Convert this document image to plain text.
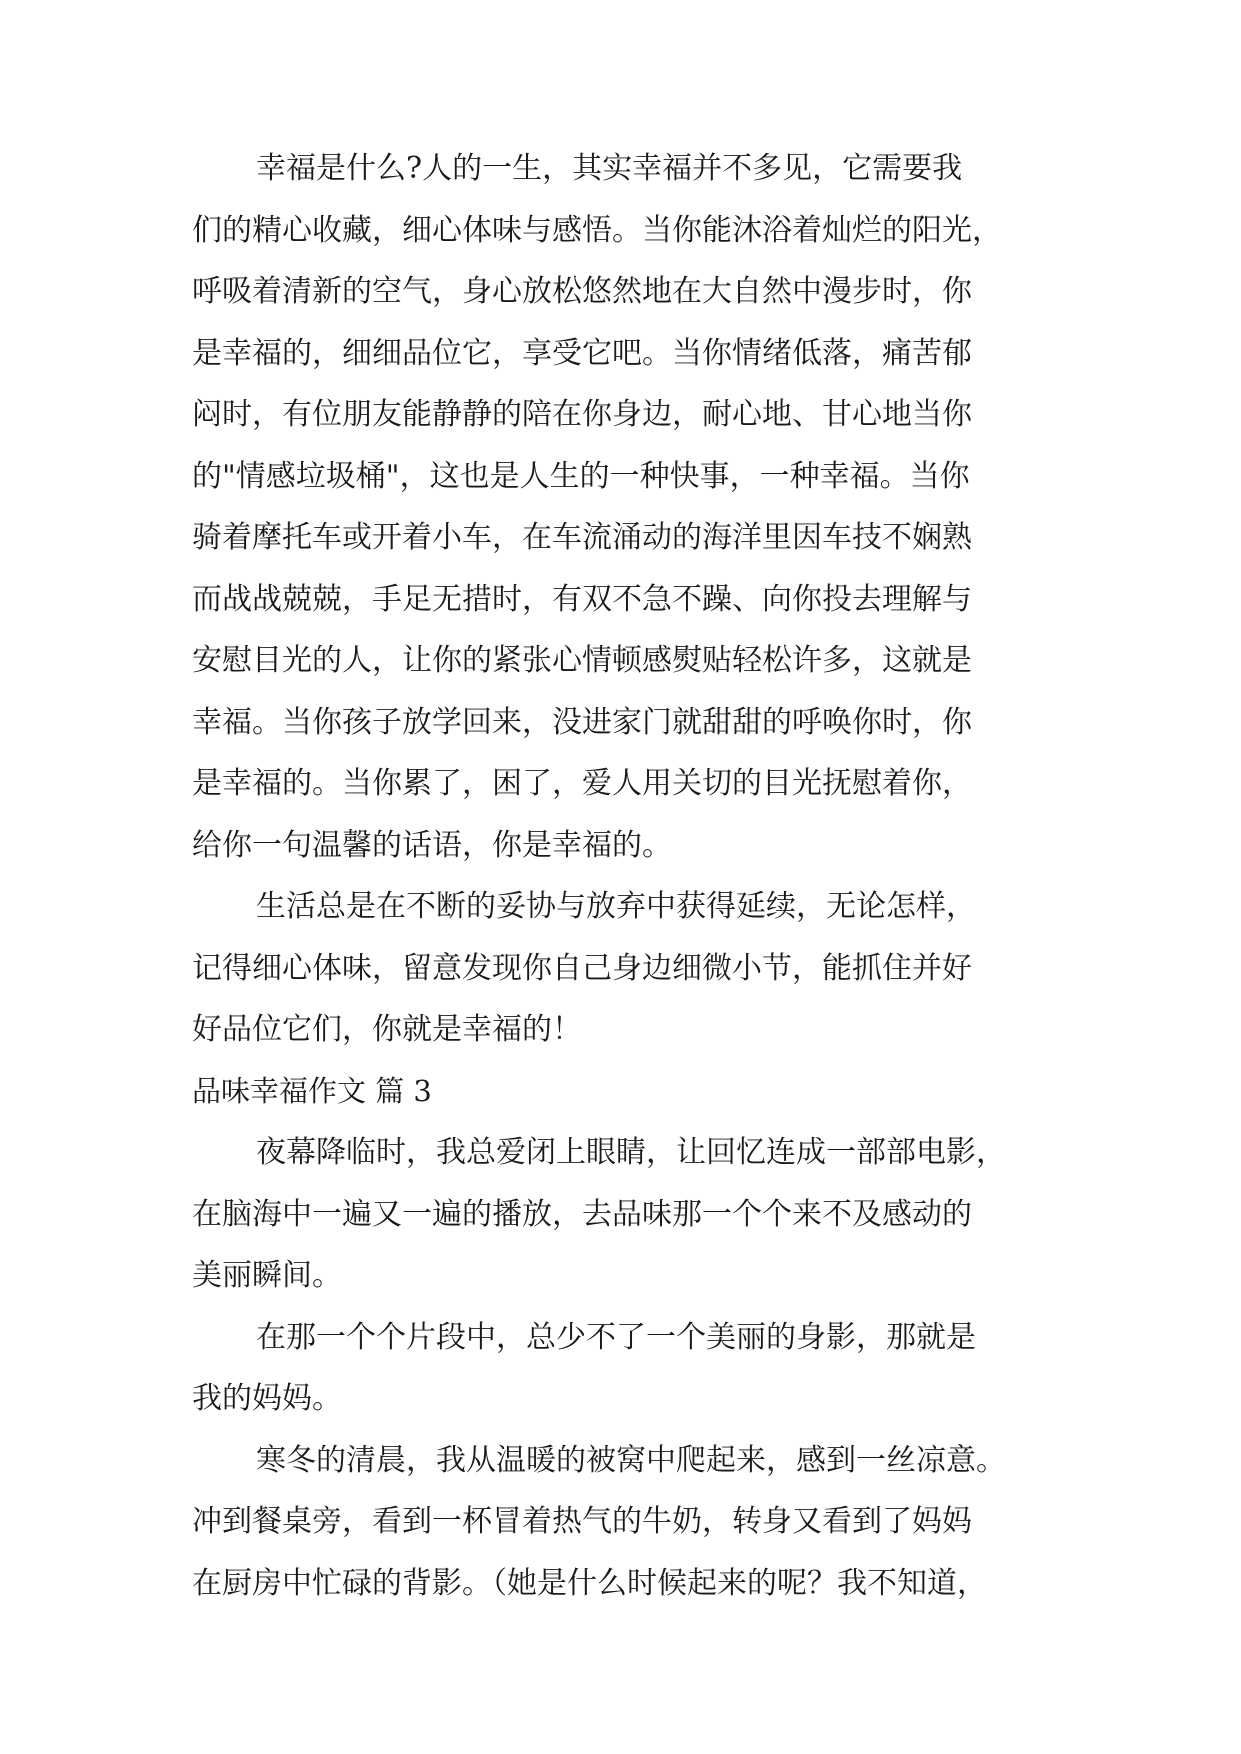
幸福是什么?人的一生，其实幸福并不多见，它需要我
们的精心收藏，细心体味与感悟。当你能沐浴着灿烂的阳光，
呼吸着清新的空气，身心放松悠然地在大自然中漫步时，你
是幸福的，细细品位它，享受它吧。当你情绪低落，痛苦郁
闷时，有位朋友能静静的陪在你身边，耐心地、甘心地当你
的"情感垃圾桶"，这也是人生的一种快事，一种幸福。当你
骑着摩托车或开着小车，在车流涌动的海洋里因车技不娴熟
而战战兢兢，手足无措时，有双不急不躁、向你投去理解与
安慰目光的人，让你的紧张心情顿感熨贴轻松许多，这就是
幸福。当你孩子放学回来，没进家门就甜甜的呼唤你时，你
是幸福的。当你累了，困了，爱人用关切的目光抚慰着你，
给你一句温馨的话语，你是幸福的。
生活总是在不断的妥协与放弃中获得延续，无论怎样，
记得细心体味，留意发现你自己身边细微小节，能抓住并好
好品位它们，你就是幸福的！
品味幸福作文 篇 3
夜幕降临时，我总爱闭上眼睛，让回忆连成一部部电影，
在脑海中一遍又一遍的播放，去品味那一个个来不及感动的
美丽瞬间。
在那一个个片段中，总少不了一个美丽的身影，那就是
我的妈妈。
寒冬的清晨，我从温暖的被窝中爬起来，感到一丝凉意。
冲到餐桌旁，看到一杯冒着热气的牛奶，转身又看到了妈妈
在厨房中忙碌的背影。（她是什么时候起来的呢？我不知道，
